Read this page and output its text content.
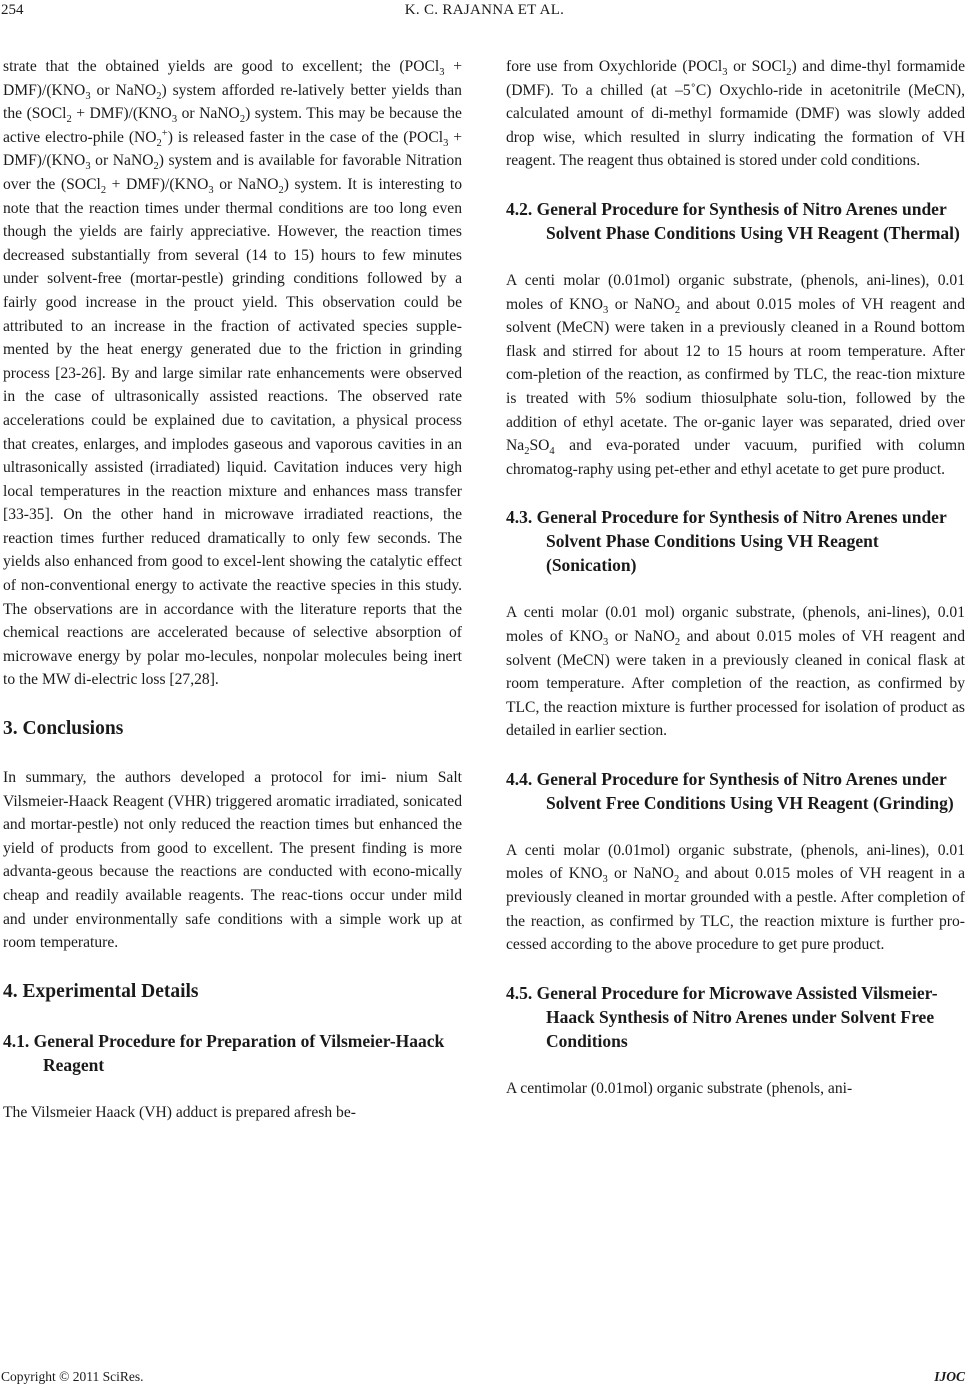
254	K. C. RAJANNA ET AL.

strate that the obtained yields are good to excellent; the (POCl$_3$ + $DMF)/(KNO_3$ or NaNO$_2$) system afforded re-latively better yields than the (SOCl$_2$ + $DMF)/(KNO_3$ or NaNO$_2$) system. This may be because the active electro-phile $(NO_2^+)$ is released faster in the case of the (POCl$_3$ + $DMF)/(KNO_3$ or NaNO$_2$) system and is available for favorable Nitration over the (SOCl$_2$ + $DMF)/(KNO_3$ or NaNO$_2$) system. It is interesting to note that the reaction times under thermal conditions are too long even though the yields are fairly appreciative. However, the reaction times decreased substantially from several (14 to 15) hours to few minutes under solvent-free (mortar-pestle) grinding conditions followed by a fairly good increase in the prouct yield. This observation could be attributed to an increase in the fraction of activated species supple-mented by the heat energy generated due to the friction in grinding process [23-26]. By and large similar rate enhancements were observed in the case of ultrasonically assisted reactions. The observed rate accelerations could be explained due to cavitation, a physical process that creates, enlarges, and implodes gaseous and vaporous cavities in an ultrasonically assisted (irradiated) liquid. Cavitation induces very high local temperatures in the reaction mixture and enhances mass transfer [33-35]. On the other hand in microwave irradiated reactions, the reaction times further reduced dramatically to only few seconds. The yields also enhanced from good to excel-lent showing the catalytic effect of non-conventional energy to activate the reactive species in this study. The observations are in accordance with the literature reports that the chemical reactions are accelerated because of selective absorption of microwave energy by polar mo-lecules, nonpolar molecules being inert to the MW di-electric loss [27,28].

3. Conclusions

In summary, the authors developed a protocol for imi- nium Salt Vilsmeier-Haack Reagent (VHR) triggered aromatic irradiated, sonicated and mortar-pestle) not only reduced the reaction times but enhanced the yield of products from good to excellent. The present finding is more advanta-geous because the reactions are conducted with econo-mically cheap and readily available reagents. The reac-tions occur under mild and under environmentally safe conditions with a simple work up at room temperature.

4. Experimental Details
4.1. General Procedure for Preparation of Vilsmeier-Haack Reagent

The Vilsmeier Haack (VH) adduct is prepared afresh be-

fore use from Oxychloride (POCl$_3$ or SOCl$_2$) and dime-thyl formamide (DMF). To a chilled (at –5˚C) Oxychlo-ride in acetonitrile (MeCN), calculated amount of di-methyl formamide (DMF) was slowly added drop wise, which resulted in slurry indicating the formation of VH reagent. The reagent thus obtained is stored under cold conditions.

4.2. General Procedure for Synthesis of Nitro Arenes under Solvent Phase Conditions Using VH Reagent (Thermal)

A centi molar (0.01mol) organic substrate, (phenols, ani-lines), 0.01 moles of $KNO_3$ or NaNO$_2$ and about 0.015 moles of VH reagent and solvent (MeCN) were taken in a previously cleaned in a Round bottom flask and stirred for about 12 to 15 hours at room temperature. After com-pletion of the reaction, as confirmed by TLC, the reac-tion mixture is treated with 5% sodium thiosulphate solu-tion, followed by the addition of ethyl acetate. The or-ganic layer was separated, dried over $Na_2SO_4$ and eva-porated under vacuum, purified with column chromatog-raphy using pet-ether and ethyl acetate to get pure product.

4.3. General Procedure for Synthesis of Nitro Arenes under Solvent Phase Conditions Using VH Reagent (Sonication)

A centi molar (0.01 mol) organic substrate, (phenols, ani-lines), 0.01 moles of $KNO_3$ or NaNO$_2$ and about 0.015 moles of VH reagent and solvent (MeCN) were taken in a previously cleaned in conical flask at room temperature. After completion of the reaction, as confirmed by TLC, the reaction mixture is further processed for isolation of product as detailed in earlier section.

4.4. General Procedure for Synthesis of Nitro Arenes under Solvent Free Conditions Using VH Reagent (Grinding)

A centi molar (0.01mol) organic substrate, (phenols, ani-lines), 0.01 moles of $KNO_3$ or NaNO$_2$ and about 0.015 moles of VH reagent in a previously cleaned in mortar grounded with a pestle. After completion of the reaction, as confirmed by TLC, the reaction mixture is further pro-cessed according to the above procedure to get pure product.

4.5. General Procedure for Microwave Assisted Vilsmeier-Haack Synthesis of Nitro Arenes under Solvent Free Conditions

A centimolar (0.01mol) organic substrate (phenols, ani-

Copyright © 2011 SciRes.	IJOC
